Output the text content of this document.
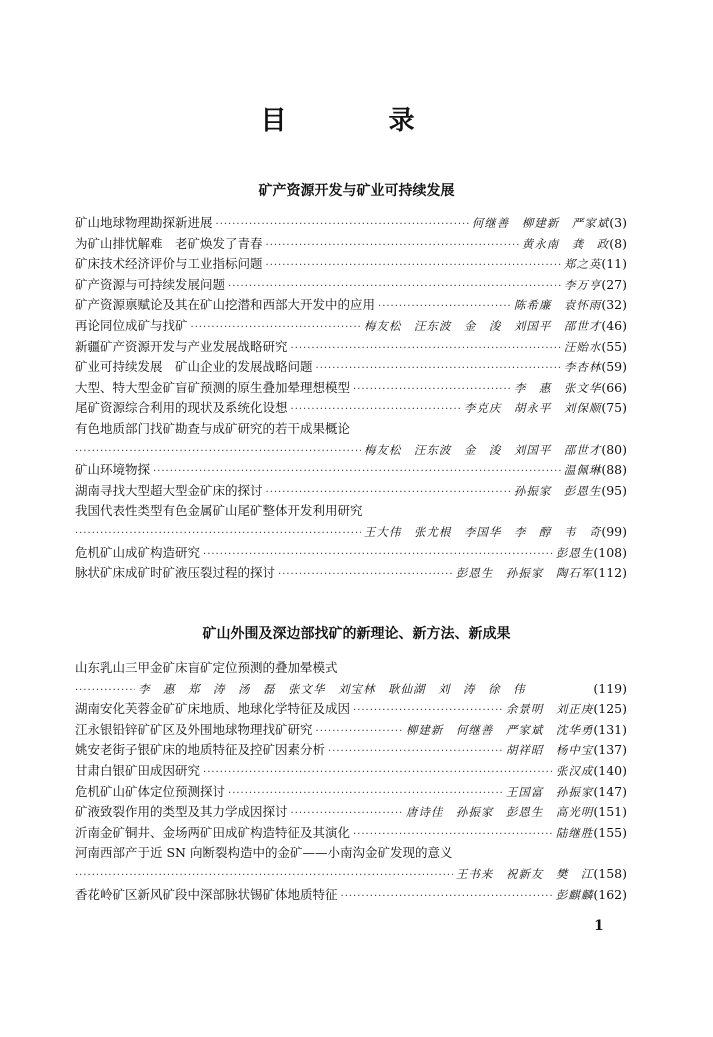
目　录
矿产资源开发与矿业可持续发展
矿山地球物理勘探新进展 ·····	何继善　柳建新　严家斌 (3)
为矿山排忧解难　老矿焕发了青春 ·····	黄永南　龚　政 (8)
矿床技术经济评价与工业指标问题 ·····	郑之英 (11)
矿产资源与可持续发展问题 ·····	李万亨 (27)
矿产资源禀赋论及其在矿山挖潜和西部大开发中的应用 ·····	陈希廉　袁怀雨 (32)
再论同位成矿与找矿 ·····	梅友松　汪东波　金　浚　刘国平　邵世才 (46)
新疆矿产资源开发与产业发展战略研究 ·····	汪贻水 (55)
矿业可持续发展　矿山企业的发展战略问题 ·····	李杏林 (59)
大型、特大型金矿盲矿预测的原生叠加晕理想模型 ·····	李　惠　张文华 (66)
尾矿资源综合利用的现状及系统化设想 ·····	李克庆　胡永平　刘保顺 (75)
有色地质部门找矿勘查与成矿研究的若干成果概论
·····
梅友松　汪东波　金　浚　刘国平　邵世才 (80)
矿山环境物探 ·····	温佩琳 (88)
湖南寻找大型超大型金矿床的探讨 ·····	孙振家　彭恩生 (95)
我国代表性类型有色金属矿山尾矿整体开发利用研究
·····
王大伟　张尤根　李国华　李　醇　韦　奇 (99)
危机矿山成矿构造研究 ·····	彭恩生 (108)
脉状矿床成矿时矿液压裂过程的探讨 ·····	彭恩生　孙振家　陶石军 (112)
矿山外围及深边部找矿的新理论、新方法、新成果
山东乳山三甲金矿床盲矿定位预测的叠加晕模式
·····
李　惠　郑　涛　汤　磊　张文华　刘宝林　耿仙湖　刘　涛　徐　伟	(119)
湖南安化芙蓉金矿矿床地质、地球化学特征及成因 ·····	余景明　刘正庚 (125)
江永银铅锌矿矿区及外围地球物理找矿研究 ·····	柳建新　何继善　严家斌　沈华勇 (131)
姚安老街子银矿床的地质特征及控矿因素分析 ·····	胡祥昭　杨中宝 (137)
甘肃白银矿田成因研究 ·····	张汉成 (140)
危机矿山矿体定位预测探讨 ·····	王国富　孙振家 (147)
矿液致裂作用的类型及其力学成因探讨 ·····	唐诗佳　孙振家　彭恩生　高光明 (151)
沂南金矿铜井、金场两矿田成矿构造特征及其演化 ·····	陆继胜 (155)
河南西部产于近 SN 向断裂构造中的金矿——小南沟金矿发现的意义
·····
王书来　祝新友　樊　江 (158)
香花岭矿区新风矿段中深部脉状锡矿体地质特征 ·····	彭麒麟 (162)
1
